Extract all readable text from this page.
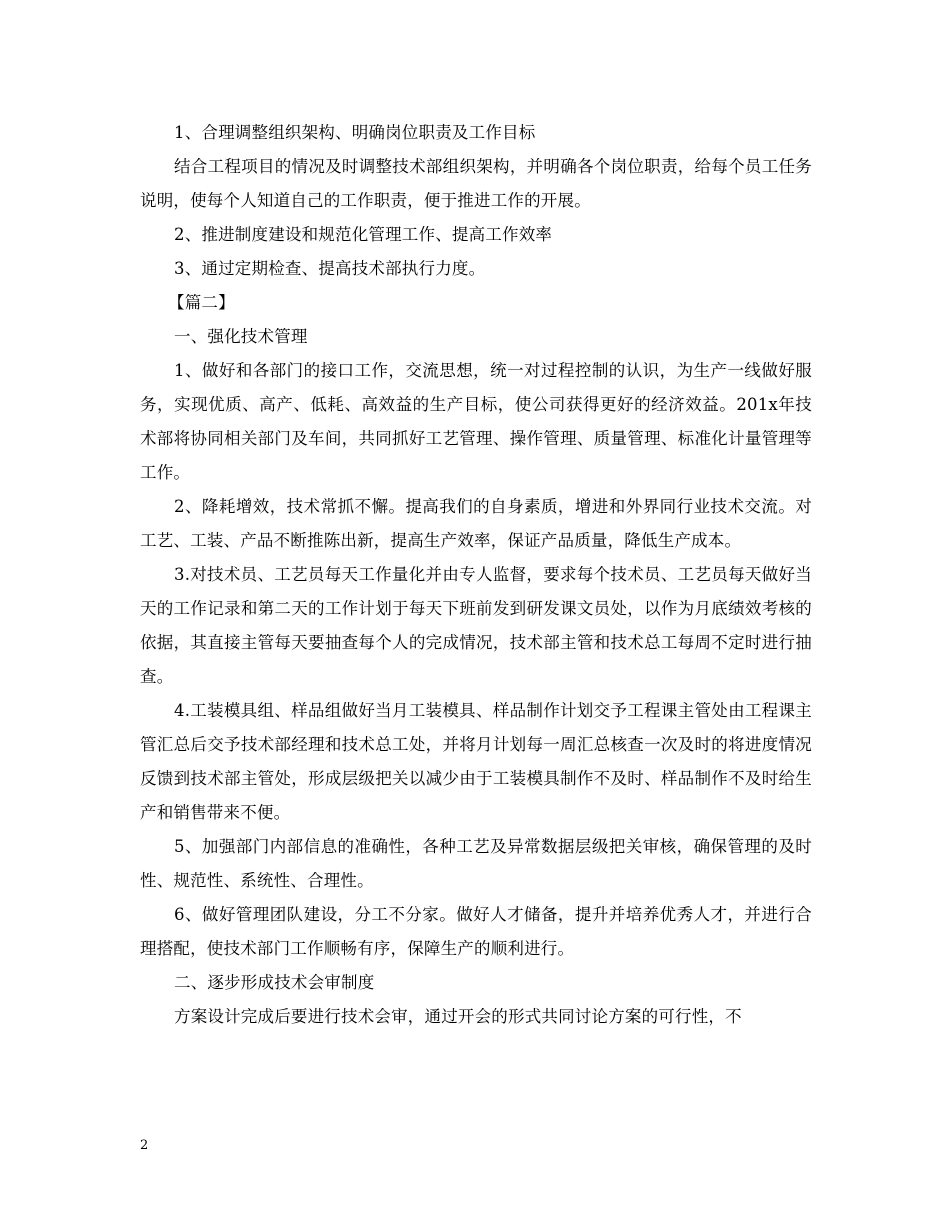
1、合理调整组织架构、明确岗位职责及工作目标

结合工程项目的情况及时调整技术部组织架构，并明确各个岗位职责，给每个员工任务说明，使每个人知道自己的工作职责，便于推进工作的开展。

2、推进制度建设和规范化管理工作、提高工作效率

3、通过定期检查、提高技术部执行力度。

【篇二】

一、强化技术管理

1、做好和各部门的接口工作，交流思想，统一对过程控制的认识，为生产一线做好服务，实现优质、高产、低耗、高效益的生产目标，使公司获得更好的经济效益。201x年技术部将协同相关部门及车间，共同抓好工艺管理、操作管理、质量管理、标准化计量管理等工作。

2、降耗增效，技术常抓不懈。提高我们的自身素质，增进和外界同行业技术交流。对工艺、工装、产品不断推陈出新，提高生产效率，保证产品质量，降低生产成本。

3.对技术员、工艺员每天工作量化并由专人监督，要求每个技术员、工艺员每天做好当天的工作记录和第二天的工作计划于每天下班前发到研发课文员处，以作为月底绩效考核的依据，其直接主管每天要抽查每个人的完成情况，技术部主管和技术总工每周不定时进行抽查。

4.工装模具组、样品组做好当月工装模具、样品制作计划交予工程课主管处由工程课主管汇总后交予技术部经理和技术总工处，并将月计划每一周汇总核查一次及时的将进度情况反馈到技术部主管处，形成层级把关以减少由于工装模具制作不及时、样品制作不及时给生产和销售带来不便。

5、加强部门内部信息的准确性，各种工艺及异常数据层级把关审核，确保管理的及时性、规范性、系统性、合理性。

6、做好管理团队建设，分工不分家。做好人才储备，提升并培养优秀人才，并进行合理搭配，使技术部门工作顺畅有序，保障生产的顺利进行。

二、逐步形成技术会审制度

方案设计完成后要进行技术会审，通过开会的形式共同讨论方案的可行性，不

2
